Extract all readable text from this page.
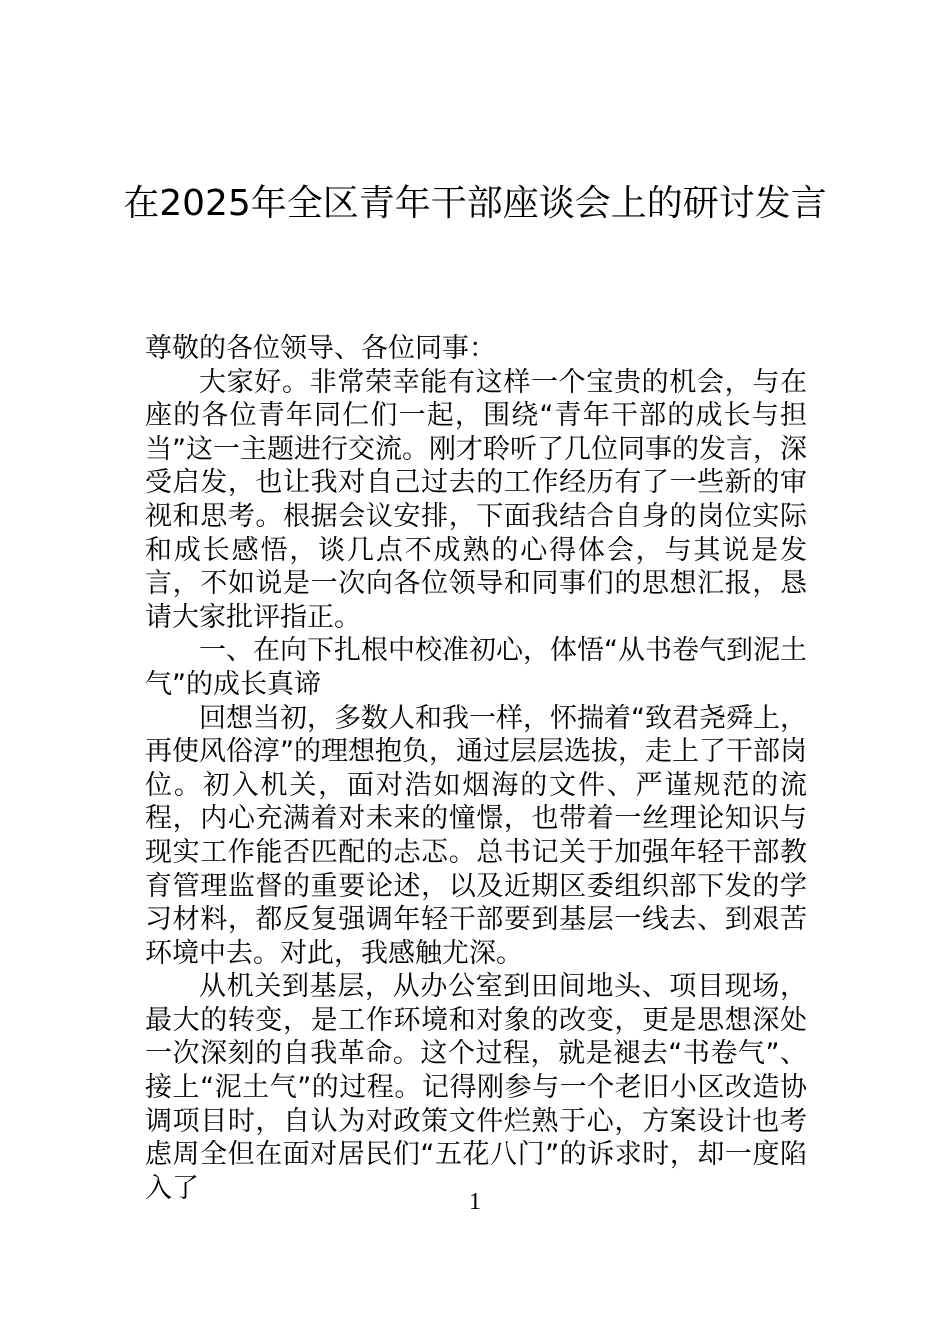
在2025年全区青年干部座谈会上的研讨发言

尊敬的各位领导、各位同事：

大家好。非常荣幸能有这样一个宝贵的机会，与在座的各位青年同仁们一起，围绕“青年干部的成长与担当”这一主题进行交流。刚才聆听了几位同事的发言，深受启发，也让我对自己过去的工作经历有了一些新的审视和思考。根据会议安排，下面我结合自身的岗位实际和成长感悟，谈几点不成熟的心得体会，与其说是发言，不如说是一次向各位领导和同事们的思想汇报，恳请大家批评指正。

一、在向下扎根中校准初心，体悟“从书卷气到泥土气”的成长真谛

回想当初，多数人和我一样，怀揣着“致君尧舜上，再使风俗淳”的理想抱负，通过层层选拔，走上了干部岗位。初入机关，面对浩如烟海的文件、严谨规范的流程，内心充满着对未来的憧憬，也带着一丝理论知识与现实工作能否匹配的忐忑。总书记关于加强年轻干部教育管理监督的重要论述，以及近期区委组织部下发的学习材料，都反复强调年轻干部要到基层一线去、到艰苦环境中去。对此，我感触尤深。

从机关到基层，从办公室到田间地头、项目现场，最大的转变，是工作环境和对象的改变，更是思想深处一次深刻的自我革命。这个过程，就是褪去“书卷气”、接上“泥土气”的过程。记得刚参与一个老旧小区改造协调项目时，自认为对政策文件烂熟于心，方案设计也考虑周全但在面对居民们“五花八门”的诉求时，却一度陷入了	1
